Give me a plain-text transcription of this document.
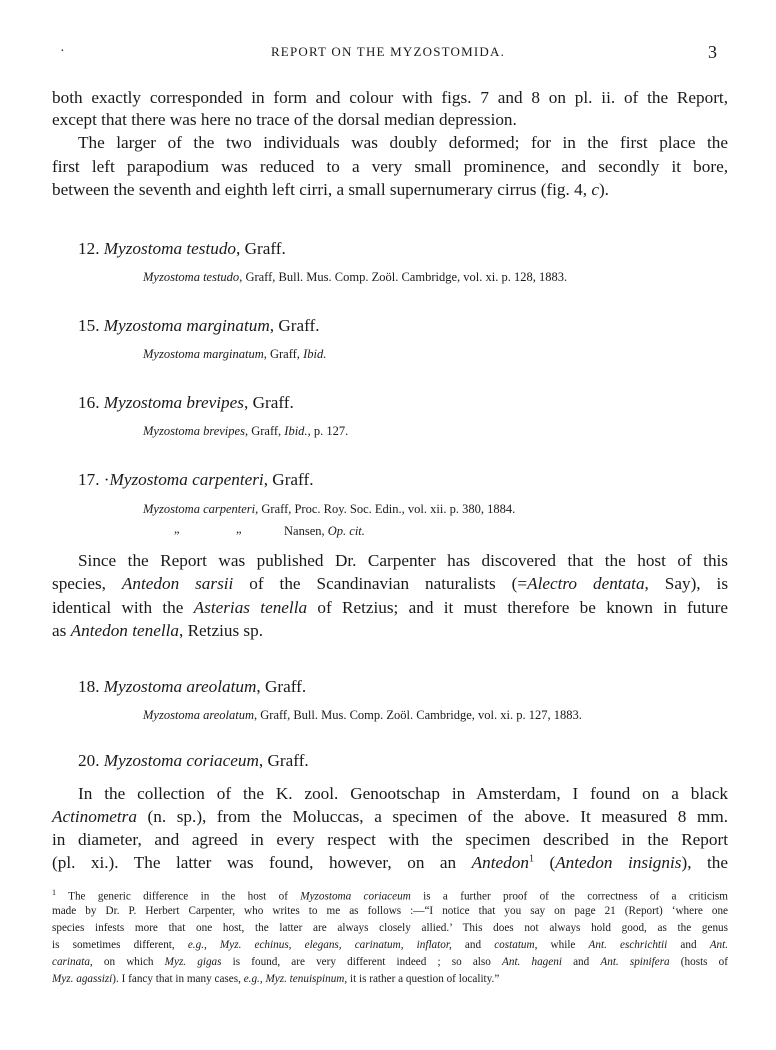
·	REPORT ON THE MYZOSTOMIDA.	3
both exactly corresponded in form and colour with figs. 7 and 8 on pl. ii. of the Report,
except that there was here no trace of the dorsal median depression.
The larger of the two individuals was doubly deformed; for in the first place the
first left parapodium was reduced to a very small prominence, and secondly it bore,
between the seventh and eighth left cirri, a small supernumerary cirrus (fig. 4, c).
12. Myzostoma testudo, Graff.
Myzostoma testudo, Graff, Bull. Mus. Comp. Zoöl. Cambridge, vol. xi. p. 128, 1883.
15. Myzostoma marginatum, Graff.
Myzostoma marginatum, Graff, Ibid.
16. Myzostoma brevipes, Graff.
Myzostoma brevipes, Graff, Ibid., p. 127.
17. ·Myzostoma carpenteri, Graff.
Myzostoma carpenteri, Graff, Proc. Roy. Soc. Edin., vol. xii. p. 380, 1884.
„	„	Nansen, Op. cit.
Since the Report was published Dr. Carpenter has discovered that the host of this
species, Antedon sarsii of the Scandinavian naturalists (=Alectro dentata, Say), is
identical with the Asterias tenella of Retzius; and it must therefore be known in future
as Antedon tenella, Retzius sp.
18. Myzostoma areolatum, Graff.
Myzostoma areolatum, Graff, Bull. Mus. Comp. Zoöl. Cambridge, vol. xi. p. 127, 1883.
20. Myzostoma coriaceum, Graff.
In the collection of the K. zool. Genootschap in Amsterdam, I found on a black
Actinometra (n. sp.), from the Moluccas, a specimen of the above. It measured 8 mm.
in diameter, and agreed in every respect with the specimen described in the Report
(pl. xi.). The latter was found, however, on an Antedon$^1$ (Antedon insignis), the
$^1$ The generic difference in the host of Myzostoma coriaceum is a further proof of the correctness of a criticism
made by Dr. P. Herbert Carpenter, who writes to me as follows :—“I notice that you say on page 21 (Report) ‘where one
species infests more that one host, the latter are always closely allied.’ This does not always hold good, as the genus
is sometimes different, e.g., Myz. echinus, elegans, carinatum, inflator, and costatum, while Ant. eschrichtii and Ant.
carinata, on which Myz. gigas is found, are very different indeed ; so also Ant. hageni and Ant. spinifera (hosts of
Myz. agassizi). I fancy that in many cases, e.g., Myz. tenuispinum, it is rather a question of locality.”
